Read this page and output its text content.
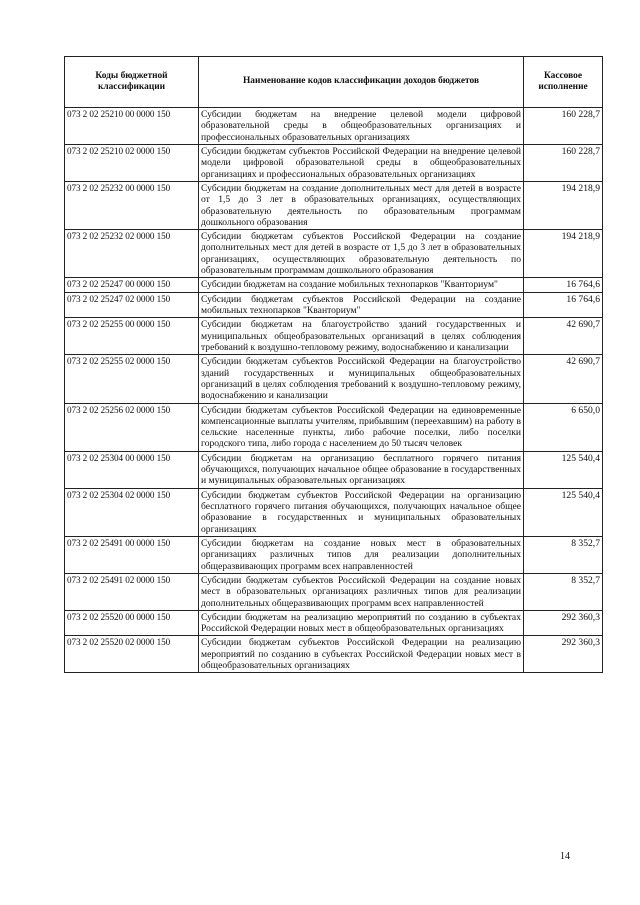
Коды бюджетной классификации	Наименование кодов классификации доходов бюджетов	Кассовое исполнение
073 2 02 25210 00 0000 150	Субсидии бюджетам на внедрение целевой модели цифровой образовательной среды в общеобразовательных организациях и профессиональных образовательных организациях	160 228,7
073 2 02 25210 02 0000 150	Субсидии бюджетам субъектов Российской Федерации на внедрение целевой модели цифровой образовательной среды в общеобразовательных организациях и профессиональных образовательных организациях	160 228,7
073 2 02 25232 00 0000 150	Субсидии бюджетам на создание дополнительных мест для детей в возрасте от 1,5 до 3 лет в образовательных организациях, осуществляющих образовательную деятельность по образовательным программам дошкольного образования	194 218,9
073 2 02 25232 02 0000 150	Субсидии бюджетам субъектов Российской Федерации на создание дополнительных мест для детей в возрасте от 1,5 до 3 лет в образовательных организациях, осуществляющих образовательную деятельность по образовательным программам дошкольного образования	194 218,9
073 2 02 25247 00 0000 150	Субсидии бюджетам на создание мобильных технопарков "Кванториум"	16 764,6
073 2 02 25247 02 0000 150	Субсидии бюджетам субъектов Российской Федерации на создание мобильных технопарков "Кванториум"	16 764,6
073 2 02 25255 00 0000 150	Субсидии бюджетам на благоустройство зданий государственных и муниципальных общеобразовательных организаций в целях соблюдения требований к воздушно-тепловому режиму, водоснабжению и канализации	42 690,7
073 2 02 25255 02 0000 150	Субсидии бюджетам субъектов Российской Федерации на благоустройство зданий государственных и муниципальных общеобразовательных организаций в целях соблюдения требований к воздушно-тепловому режиму, водоснабжению и канализации	42 690,7
073 2 02 25256 02 0000 150	Субсидии бюджетам субъектов Российской Федерации на единовременные компенсационные выплаты учителям, прибывшим (переехавшим) на работу в сельские населенные пункты, либо рабочие поселки, либо поселки городского типа, либо города с населением до 50 тысяч человек	6 650,0
073 2 02 25304 00 0000 150	Субсидии бюджетам на организацию бесплатного горячего питания обучающихся, получающих начальное общее образование в государственных и муниципальных образовательных организациях	125 540,4
073 2 02 25304 02 0000 150	Субсидии бюджетам субъектов Российской Федерации на организацию бесплатного горячего питания обучающихся, получающих начальное общее образование в государственных и муниципальных образовательных организациях	125 540,4
073 2 02 25491 00 0000 150	Субсидии бюджетам на создание новых мест в образовательных организациях различных типов для реализации дополнительных общеразвивающих программ всех направленностей	8 352,7
073 2 02 25491 02 0000 150	Субсидии бюджетам субъектов Российской Федерации на создание новых мест в образовательных организациях различных типов для реализации дополнительных общеразвивающих программ всех направленностей	8 352,7
073 2 02 25520 00 0000 150	Субсидии бюджетам на реализацию мероприятий по созданию в субъектах Российской Федерации новых мест в общеобразовательных организациях	292 360,3
073 2 02 25520 02 0000 150	Субсидии бюджетам субъектов Российской Федерации на реализацию мероприятий по созданию в субъектах Российской Федерации новых мест в общеобразовательных организациях	292 360,3
14
